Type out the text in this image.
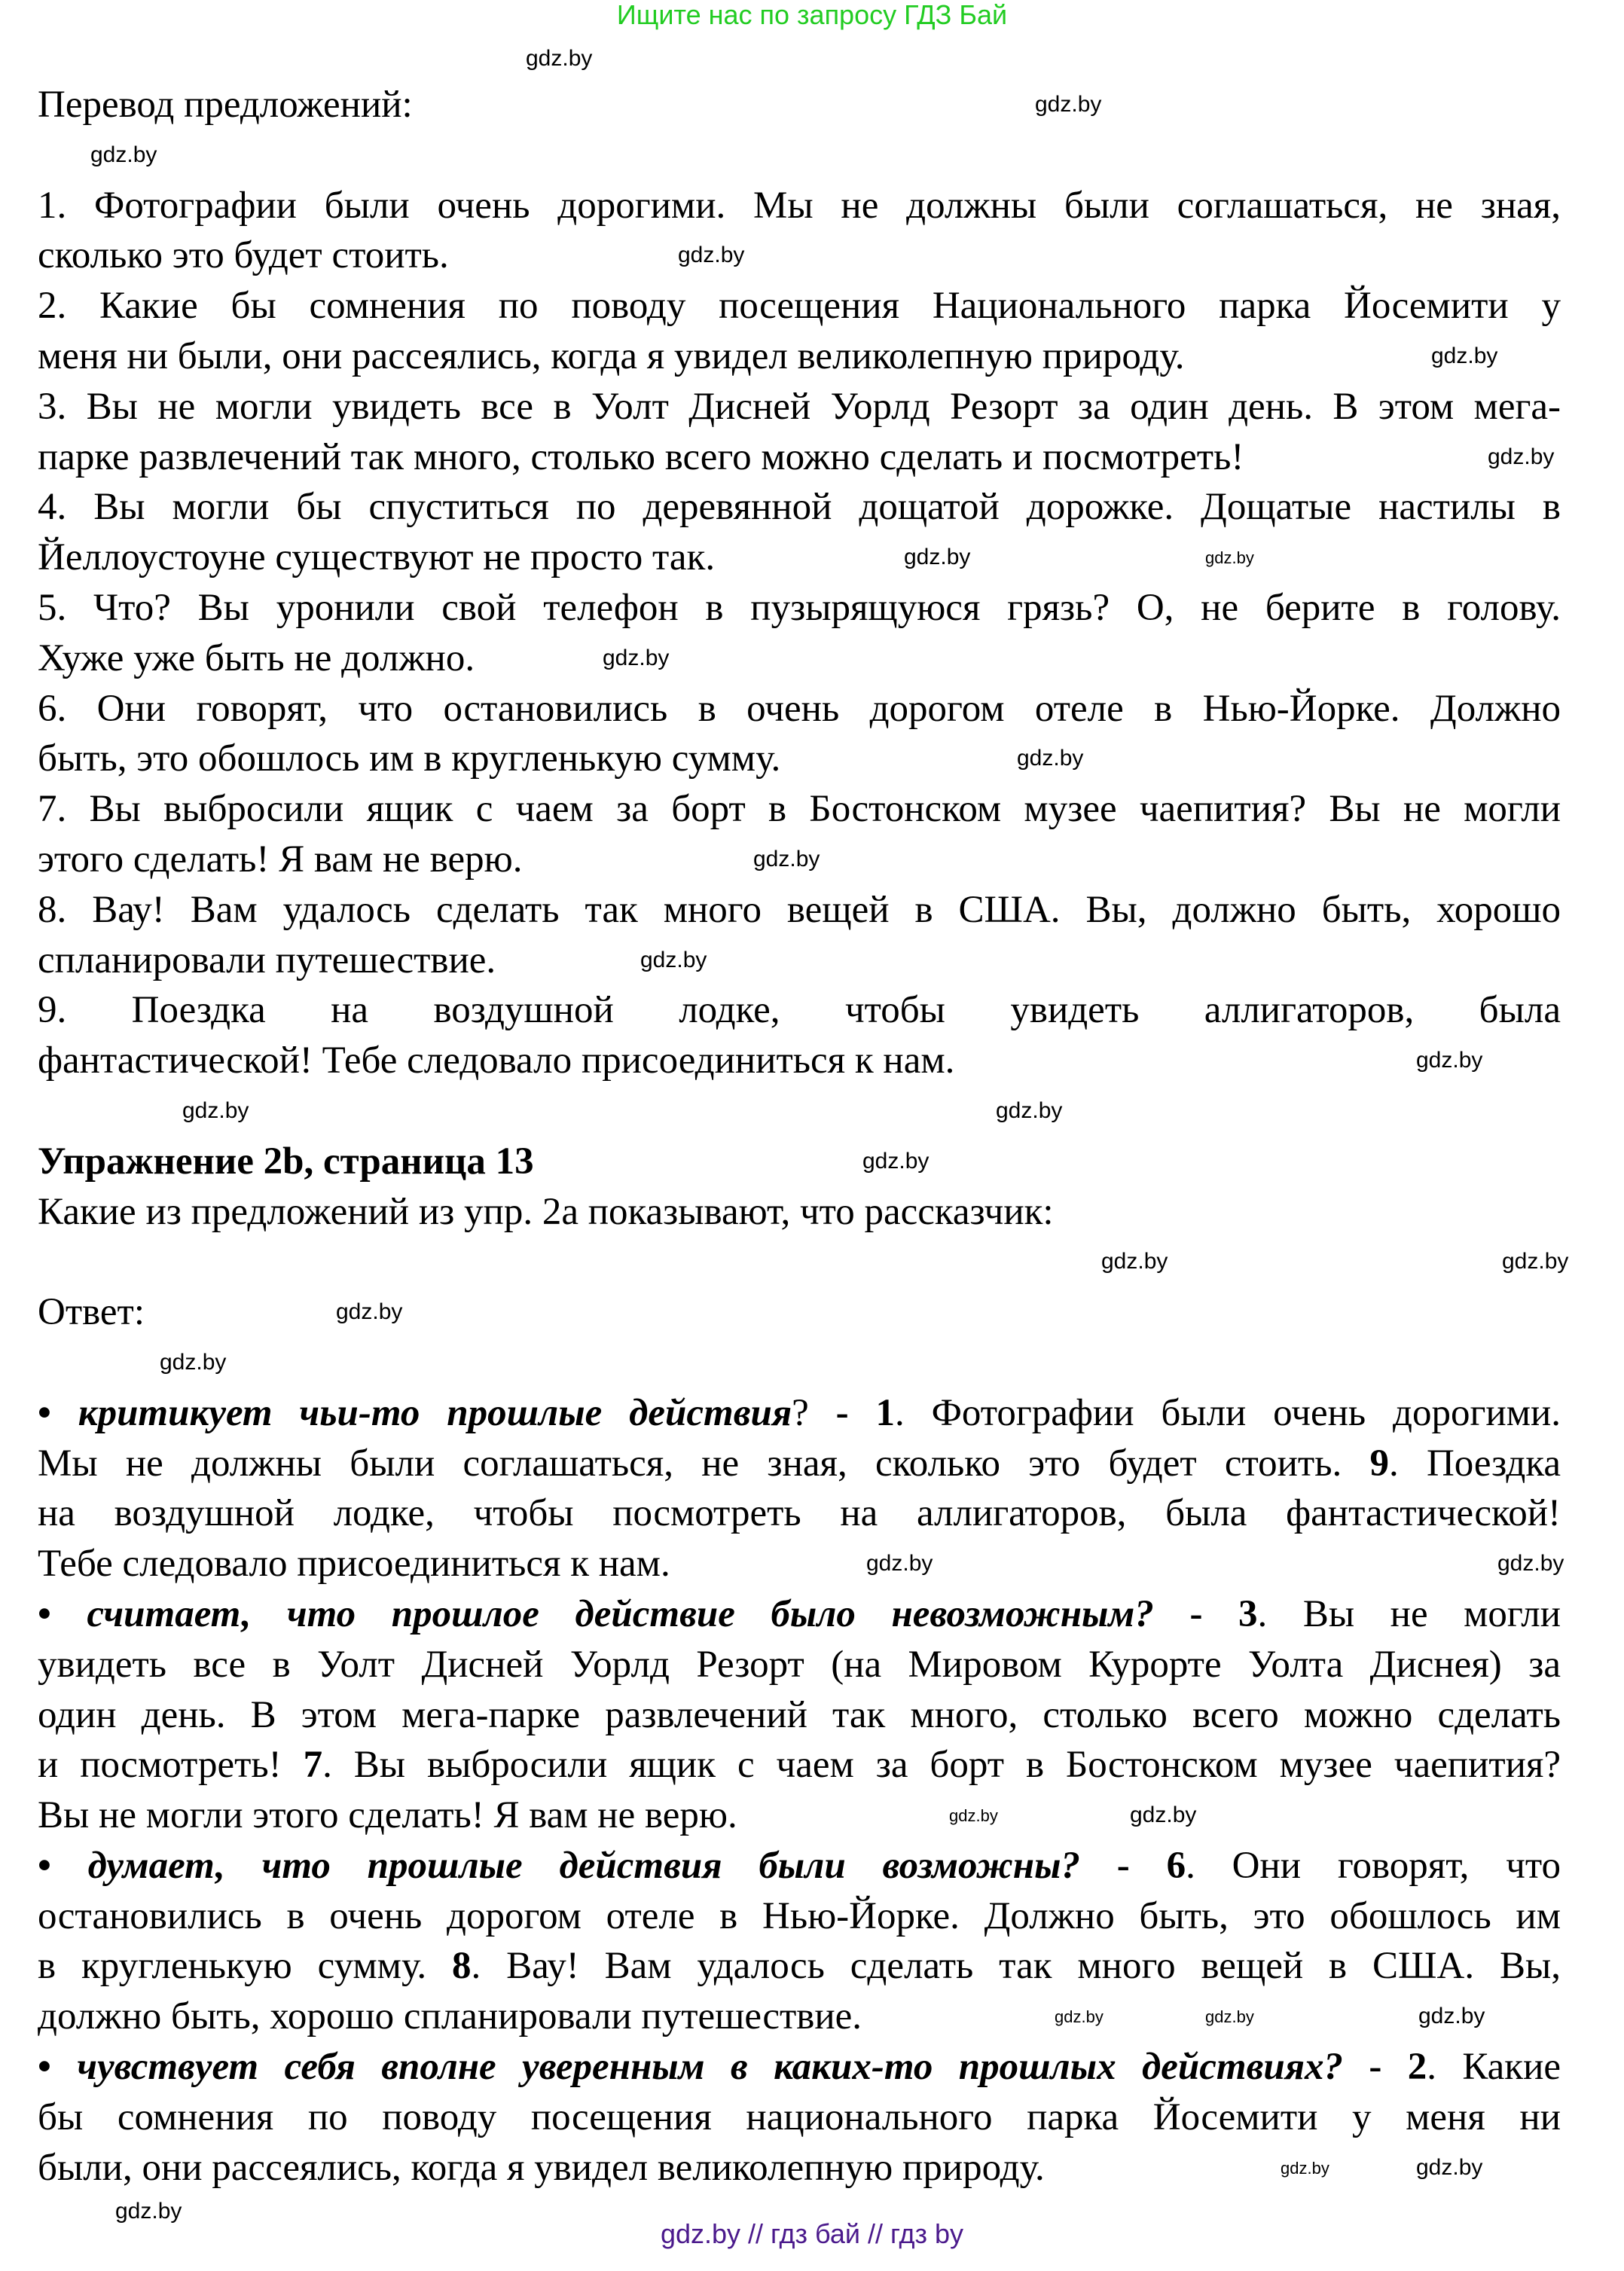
Ищите нас по запросу ГДЗ Бай
Перевод предложений:
1. Фотографии были очень дорогими. Мы не должны были соглашаться, не зная,
сколько это будет стоить.
2. Какие бы сомнения по поводу посещения Национального парка Йосемити у
меня ни были, они рассеялись, когда я увидел великолепную природу.
3. Вы не могли увидеть все в Уолт Дисней Уорлд Резорт за один день. В этом мега-
парке развлечений так много, столько всего можно сделать и посмотреть!
4. Вы могли бы спуститься по деревянной дощатой дорожке. Дощатые настилы в
Йеллоустоуне существуют не просто так.
5. Что? Вы уронили свой телефон в пузырящуюся грязь? О, не берите в голову.
Хуже уже быть не должно.
6. Они говорят, что остановились в очень дорогом отеле в Нью-Йорке. Должно
быть, это обошлось им в кругленькую сумму.
7. Вы выбросили ящик с чаем за борт в Бостонском музее чаепития? Вы не могли
этого сделать! Я вам не верю.
8. Вау! Вам удалось сделать так много вещей в США. Вы, должно быть, хорошо
спланировали путешествие.
9. Поездка на воздушной лодке, чтобы увидеть аллигаторов, была
фантастической! Тебе следовало присоединиться к нам.
Упражнение 2b, страница 13
Какие из предложений из упр. 2а показывают, что рассказчик:
Ответ:
• критикует чьи-то прошлые действия? - 1. Фотографии были очень дорогими.
Мы не должны были соглашаться, не зная, сколько это будет стоить. 9. Поездка
на воздушной лодке, чтобы посмотреть на аллигаторов, была фантастической!
Тебе следовало присоединиться к нам.
• считает, что прошлое действие было невозможным? - 3. Вы не могли
увидеть все в Уолт Дисней Уорлд Резорт (на Мировом Курорте Уолта Диснея) за
один день. В этом мега-парке развлечений так много, столько всего можно сделать
и посмотреть! 7. Вы выбросили ящик с чаем за борт в Бостонском музее чаепития?
Вы не могли этого сделать! Я вам не верю.
• думает, что прошлые действия были возможны? - 6. Они говорят, что
остановились в очень дорогом отеле в Нью-Йорке. Должно быть, это обошлось им
в кругленькую сумму. 8. Вау! Вам удалось сделать так много вещей в США. Вы,
должно быть, хорошо спланировали путешествие.
• чувствует себя вполне уверенным в каких-то прошлых действиях? - 2. Какие
бы сомнения по поводу посещения национального парка Йосемити у меня ни
были, они рассеялись, когда я увидел великолепную природу.
gdz.by
gdz.by
gdz.by
gdz.by
gdz.by
gdz.by
gdz.by
gdz.by
gdz.by
gdz.by
gdz.by
gdz.by
gdz.by
gdz.by
gdz.by
gdz.by
gdz.by	gdz.by
gdz.by
gdz.by
gdz.by	gdz.by
gdz.by	gdz.by
gdz.by	gdz.by	gdz.by
gdz.by	gdz.by
gdz.by
gdz.by // гдз бай // гдз by
